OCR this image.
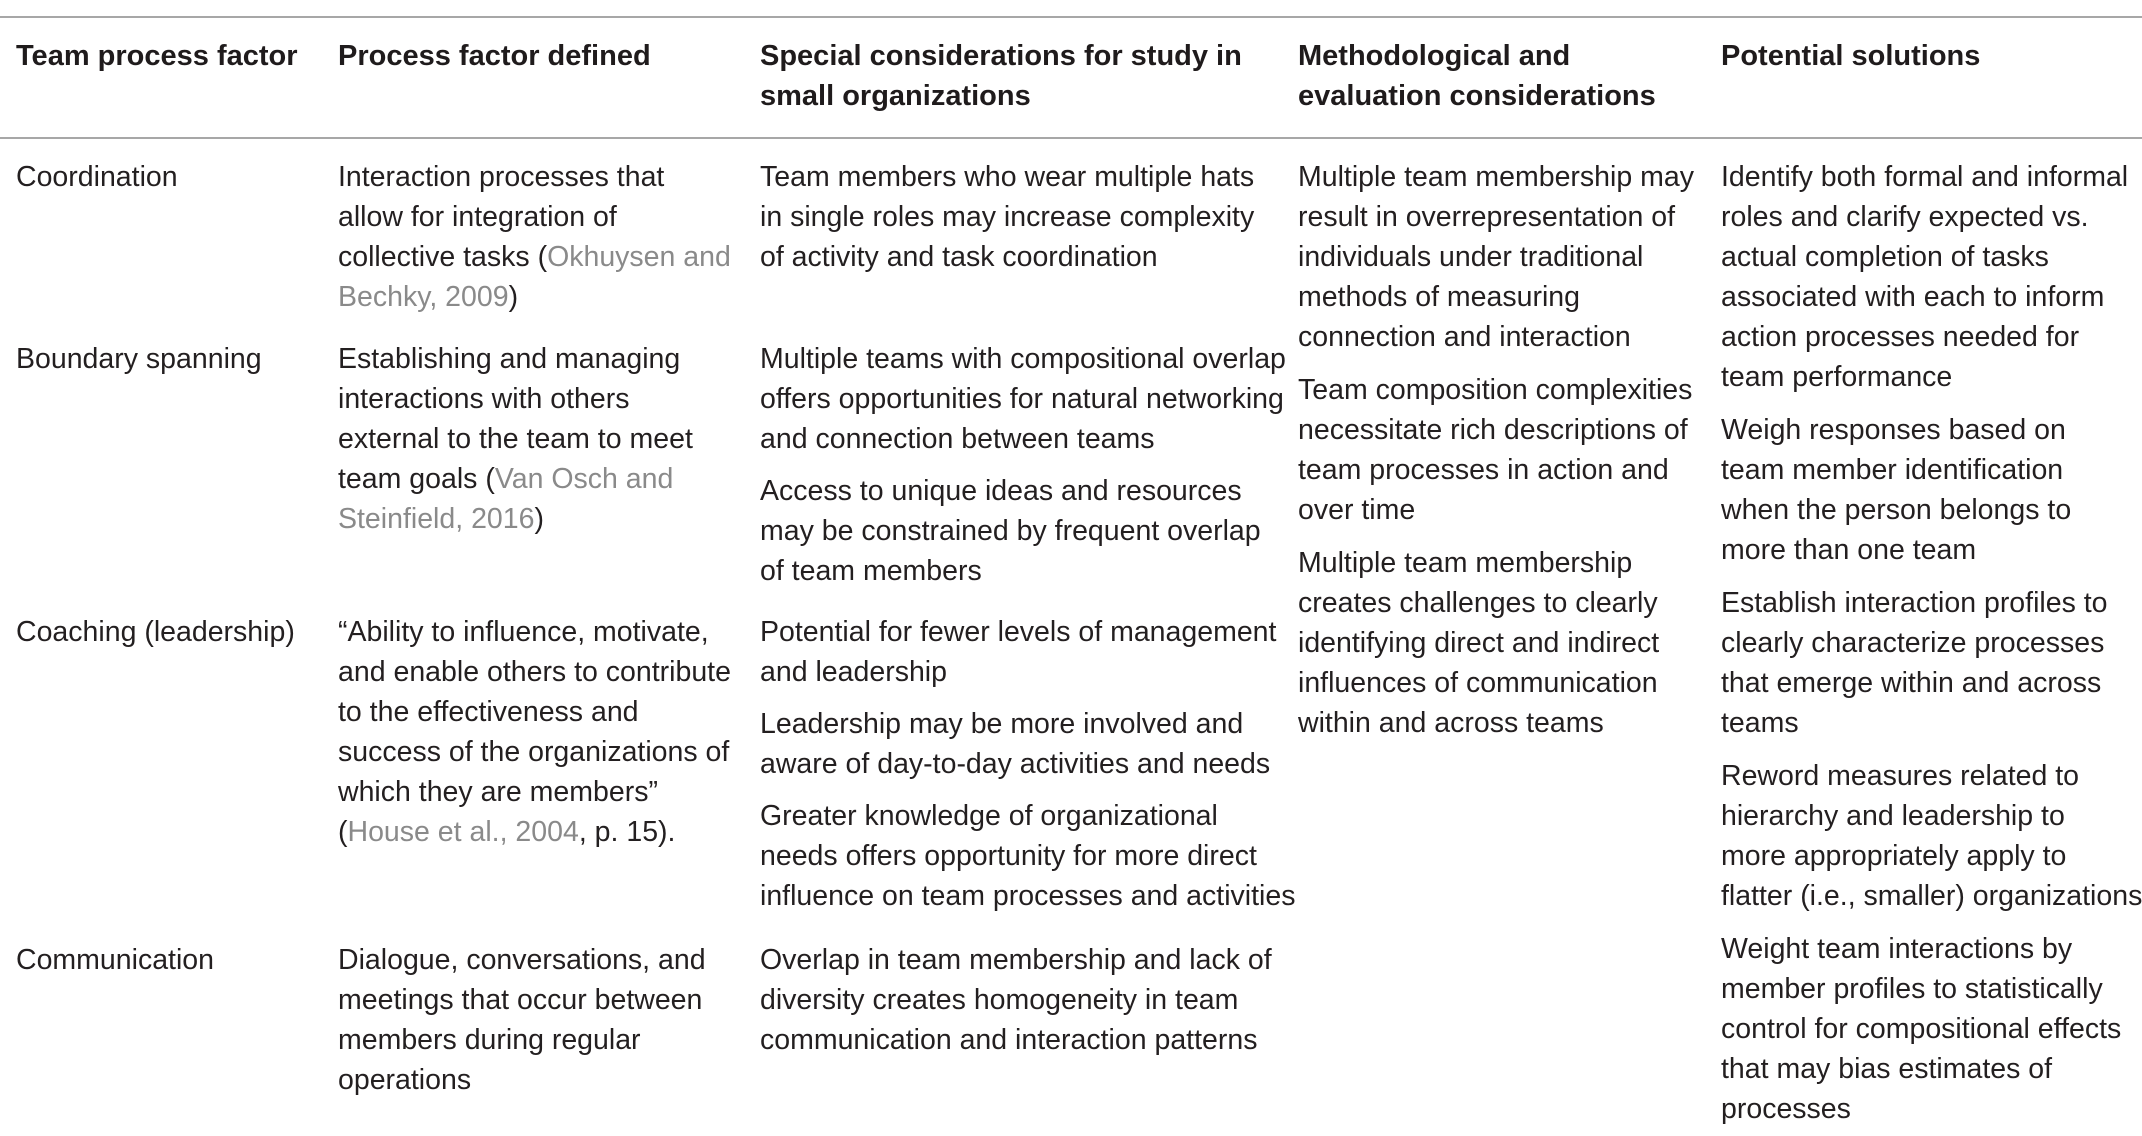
Team process factor Process factor defined	Special considerations for study in
small organizations
Methodological and
evaluation considerations
Potential solutions
Coordination
Boundary spanning
Coaching (leadership)
Communication
Interaction processes that
allow for integration of
collective tasks (Okhuysen and
Bechky, 2009)
Establishing and managing
interactions with others
external to the team to meet
team goals (Van Osch and
Steinfield, 2016)
“Ability to influence, motivate,
and enable others to contribute
to the effectiveness and
success of the organizations of
which they are members”
(House et al., 2004, p. 15).
Dialogue, conversations, and
meetings that occur between
members during regular
operations
Team members who wear multiple hats
in single roles may increase complexity
of activity and task coordination
Multiple teams with compositional overlap
offers opportunities for natural networking
and connection between teams
Access to unique ideas and resources
may be constrained by frequent overlap
of team members
Potential for fewer levels of management
and leadership
Leadership may be more involved and
aware of day-to-day activities and needs
Greater knowledge of organizational
needs offers opportunity for more direct
influence on team processes and activities
Overlap in team membership and lack of
diversity creates homogeneity in team
communication and interaction patterns
Multiple team membership may
result in overrepresentation of
individuals under traditional
methods of measuring
connection and interaction
Team composition complexities
necessitate rich descriptions of
team processes in action and
over time
Multiple team membership
creates challenges to clearly
identifying direct and indirect
influences of communication
within and across teams
Identify both formal and informal
roles and clarify expected vs.
actual completion of tasks
associated with each to inform
action processes needed for
team performance
Weigh responses based on
team member identification
when the person belongs to
more than one team
Establish interaction profiles to
clearly characterize processes
that emerge within and across
teams
Reword measures related to
hierarchy and leadership to
more appropriately apply to
flatter (i.e., smaller) organizations
Weight team interactions by
member profiles to statistically
control for compositional effects
that may bias estimates of
processes
